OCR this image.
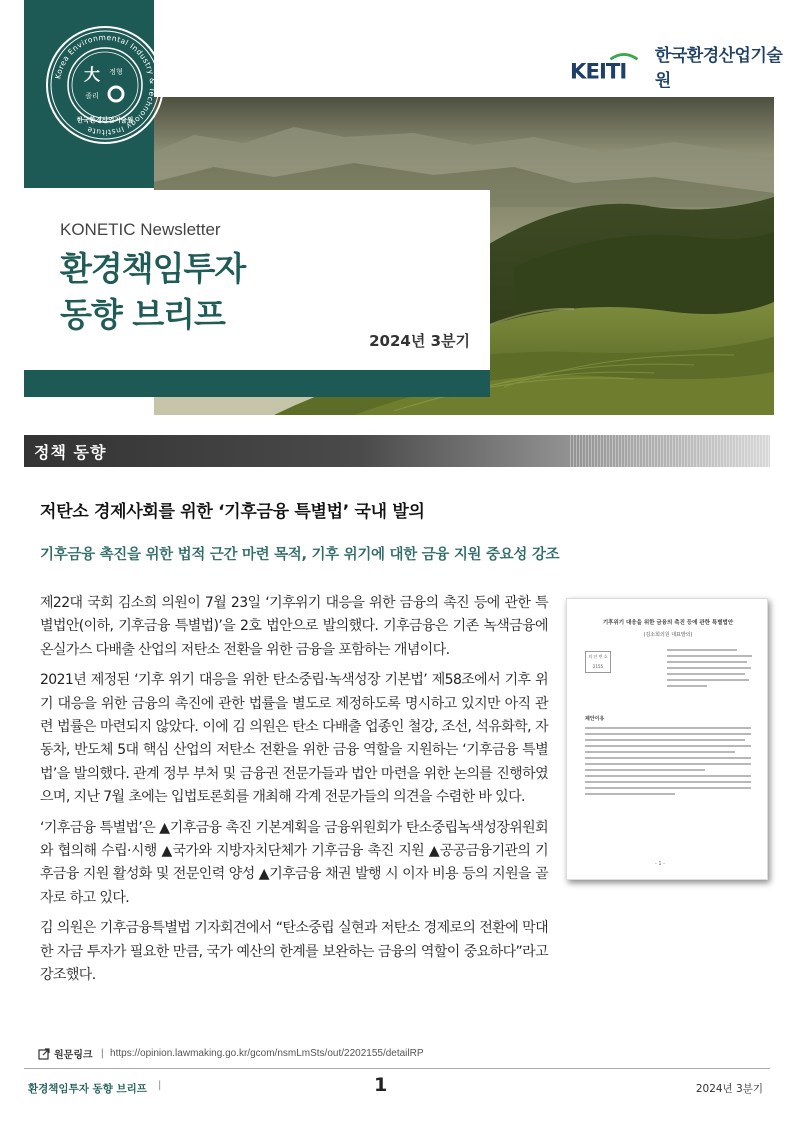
Korea Environmental Industry & Technology Institute
大 정형
졸리
한국환경산업기술원
KEITI
한국환경산업기술원
KONETIC Newsletter
환경책임투자
동향 브리프
2024년 3분기
정책 동향
저탄소 경제사회를 위한 ‘기후금융 특별법’ 국내 발의
기후금융 촉진을 위한 법적 근간 마련 목적, 기후 위기에 대한 금융 지원 중요성 강조

제22대 국회 김소희 의원이 7월 23일 ‘기후위기 대응을 위한 금융의 촉진 등에 관한 특별법안(이하, 기후금융 특별법)’을 2호 법안으로 발의했다. 기후금융은 기존 녹색금융에 온실가스 다배출 산업의 저탄소 전환을 위한 금융을 포함하는 개념이다.

2021년 제정된 ‘기후 위기 대응을 위한 탄소중립·녹색성장 기본법’ 제58조에서 기후 위기 대응을 위한 금융의 촉진에 관한 법률을 별도로 제정하도록 명시하고 있지만 아직 관련 법률은 마련되지 않았다. 이에 김 의원은 탄소 다배출 업종인 철강, 조선, 석유화학, 자동차, 반도체 5대 핵심 산업의 저탄소 전환을 위한 금융 역할을 지원하는 ‘기후금융 특별법’을 발의했다. 관계 정부 부처 및 금융권 전문가들과 법안 마련을 위한 논의를 진행하였으며, 지난 7월 초에는 입법토론회를 개최해 각계 전문가들의 의견을 수렴한 바 있다.

‘기후금융 특별법’은 ▲기후금융 촉진 기본계획을 금융위원회가 탄소중립녹색성장위원회와 협의해 수립·시행 ▲국가와 지방자치단체가 기후금융 촉진 지원 ▲공공금융기관의 기후금융 지원 활성화 및 전문인력 양성 ▲기후금융 채권 발행 시 이자 비용 등의 지원을 골자로 하고 있다.

김 의원은 기후금융특별법 기자회견에서 “탄소중립 실현과 저탄소 경제로의 전환에 막대한 자금 투자가 필요한 만큼, 국가 예산의 한계를 보완하는 금융의 역할이 중요하다”라고 강조했다.

기후위기 대응을 위한 금융의 촉진 등에 관한 특별법안
(김소희의원 대표발의)
의 안 번 호 2155
제안이유
- 1 -
원문링크 | https://opinion.lawmaking.go.kr/gcom/nsmLmSts/out/2202155/detailRP
환경책임투자 동향 브리프 |	1	2024년 3분기
